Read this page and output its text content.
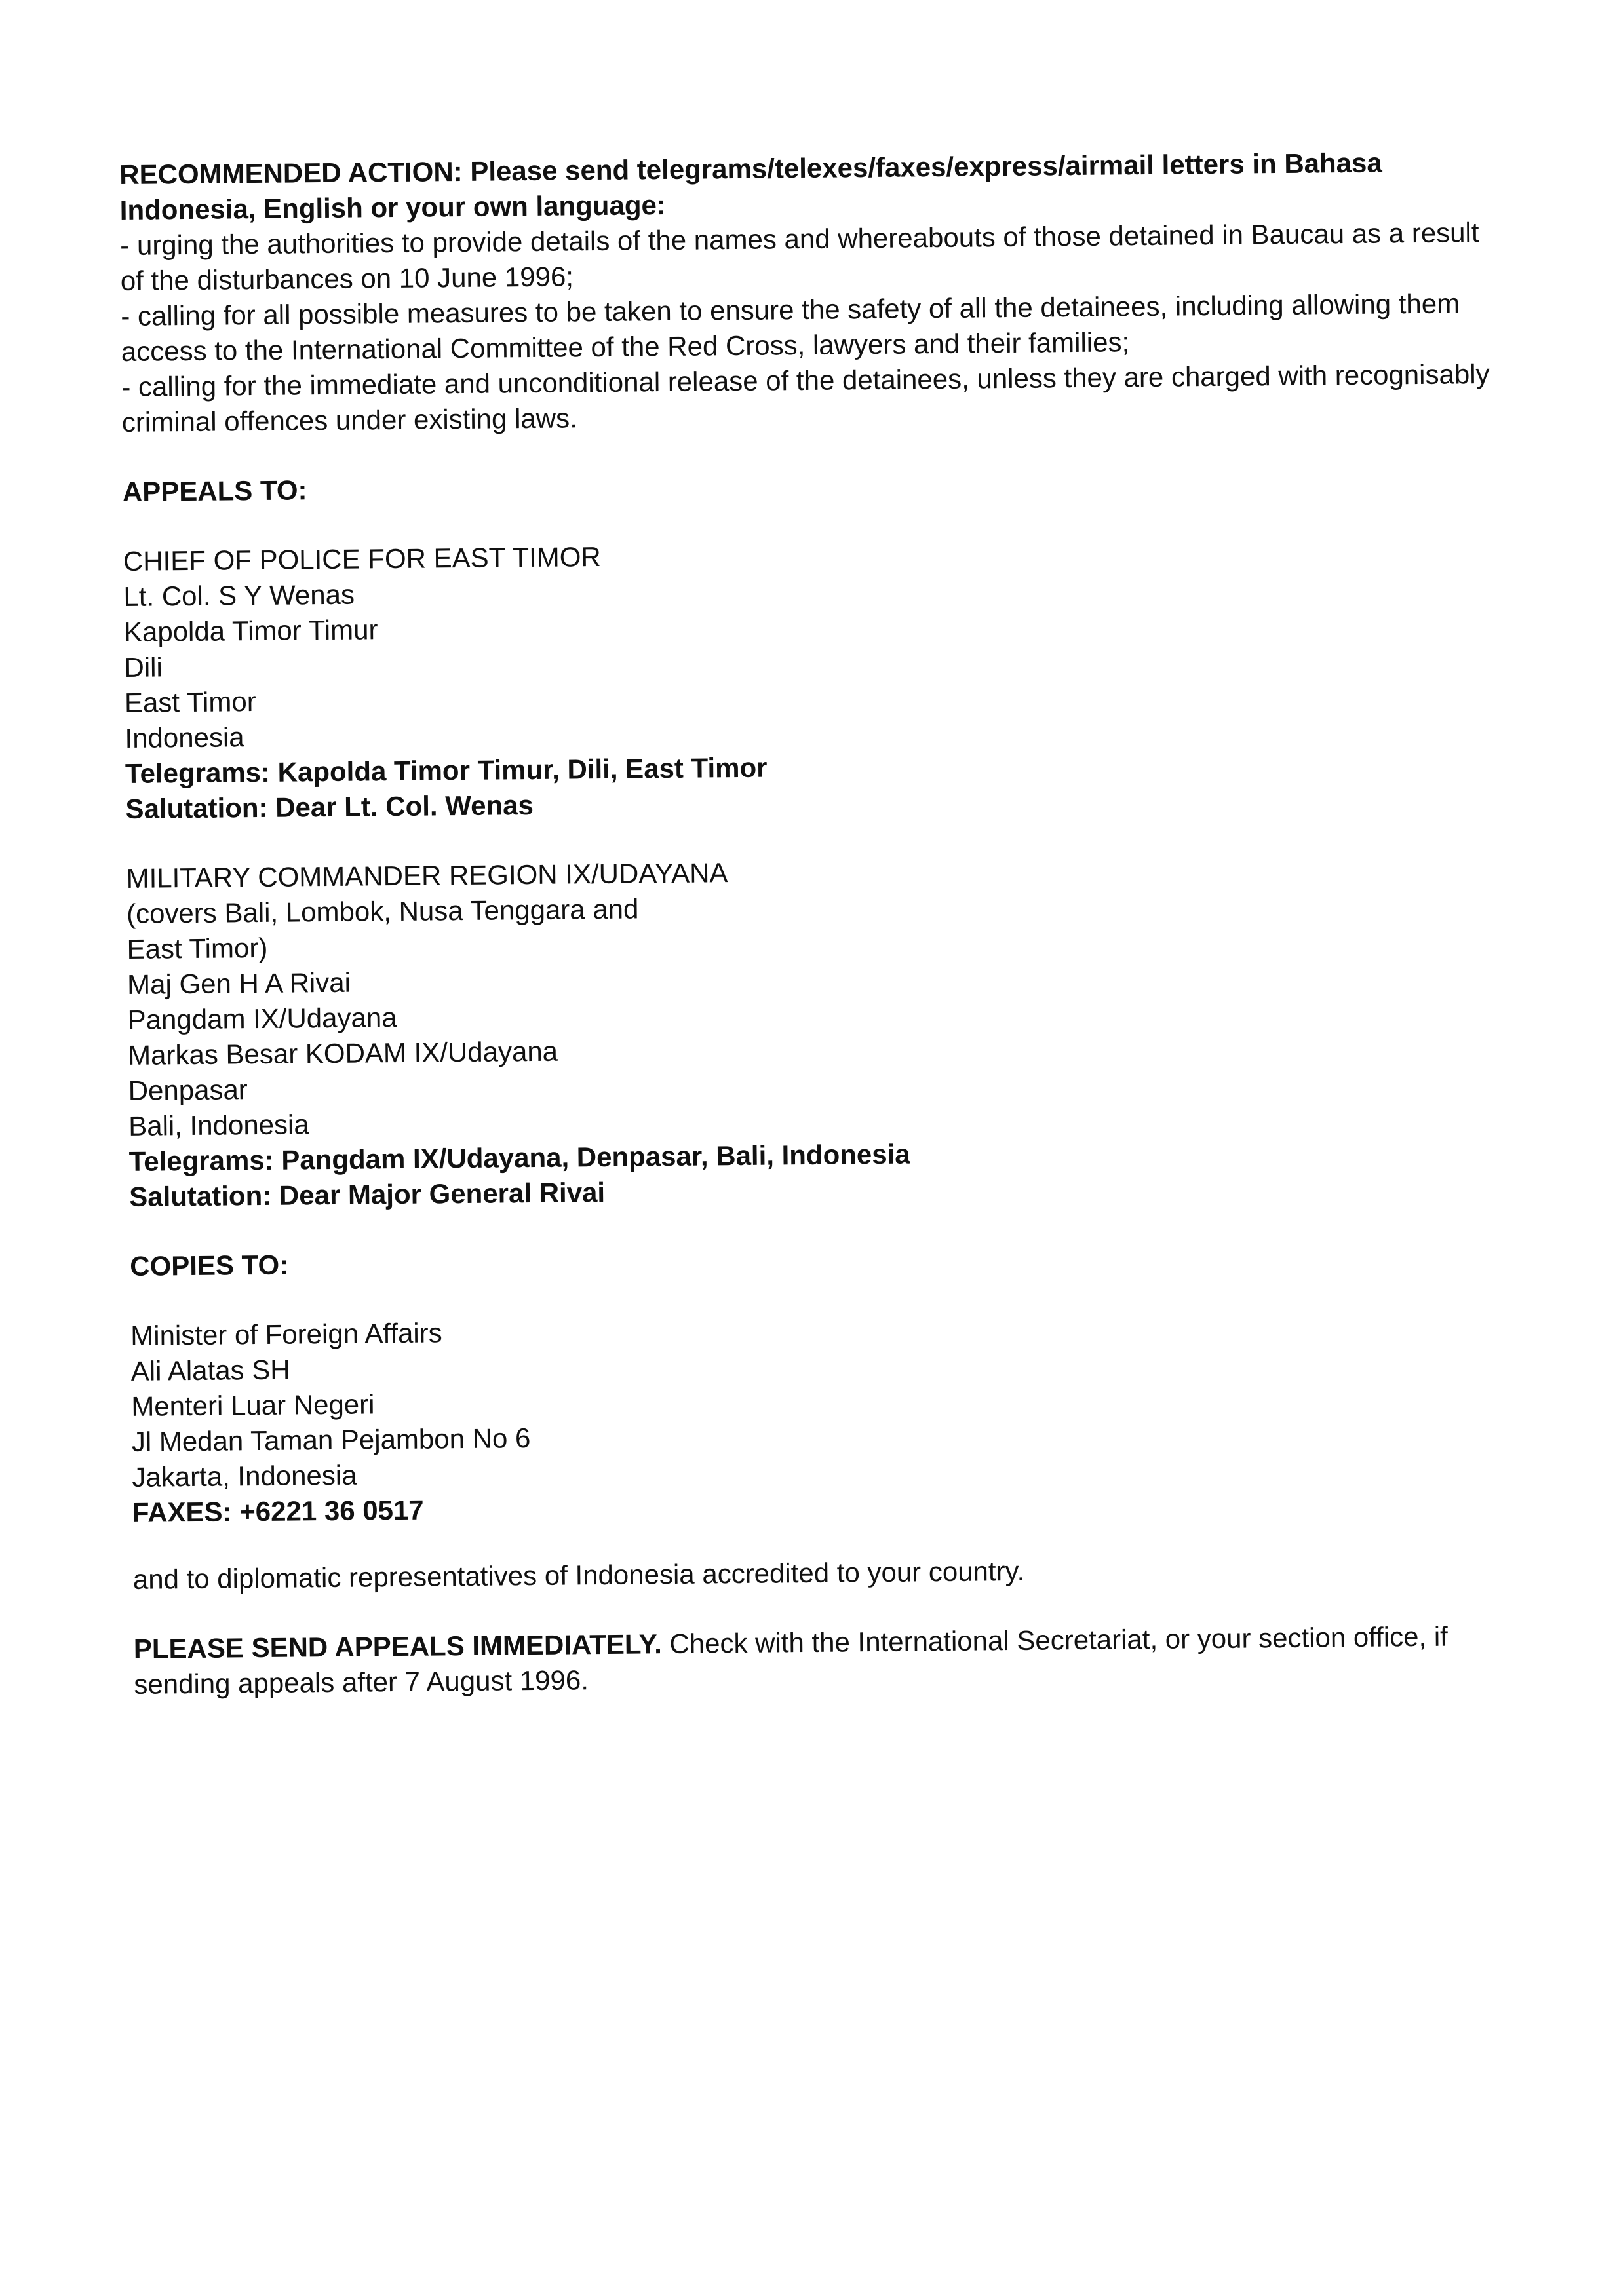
RECOMMENDED ACTION: Please send telegrams/telexes/faxes/express/airmail letters in Bahasa Indonesia, English or your own language:

- urging the authorities to provide details of the names and whereabouts of those detained in Baucau as a result of the disturbances on 10 June 1996;

- calling for all possible measures to be taken to ensure the safety of all the detainees, including allowing them access to the International Committee of the Red Cross, lawyers and their families;

- calling for the immediate and unconditional release of the detainees, unless they are charged with recognisably criminal offences under existing laws.

APPEALS TO:

CHIEF OF POLICE FOR EAST TIMOR

Lt. Col. S Y Wenas

Kapolda Timor Timur

Dili

East Timor

Indonesia

Telegrams: Kapolda Timor Timur, Dili, East Timor

Salutation: Dear Lt. Col. Wenas

MILITARY COMMANDER REGION IX/UDAYANA

(covers Bali, Lombok, Nusa Tenggara and

East Timor)

Maj Gen H A Rivai

Pangdam IX/Udayana

Markas Besar KODAM IX/Udayana

Denpasar

Bali, Indonesia

Telegrams: Pangdam IX/Udayana, Denpasar, Bali, Indonesia

Salutation: Dear Major General Rivai

COPIES TO:

Minister of Foreign Affairs

Ali Alatas SH

Menteri Luar Negeri

Jl Medan Taman Pejambon No 6

Jakarta, Indonesia

FAXES: +6221 36 0517

and to diplomatic representatives of Indonesia accredited to your country.

PLEASE SEND APPEALS IMMEDIATELY. Check with the International Secretariat, or your section office, if sending appeals after 7 August 1996.
